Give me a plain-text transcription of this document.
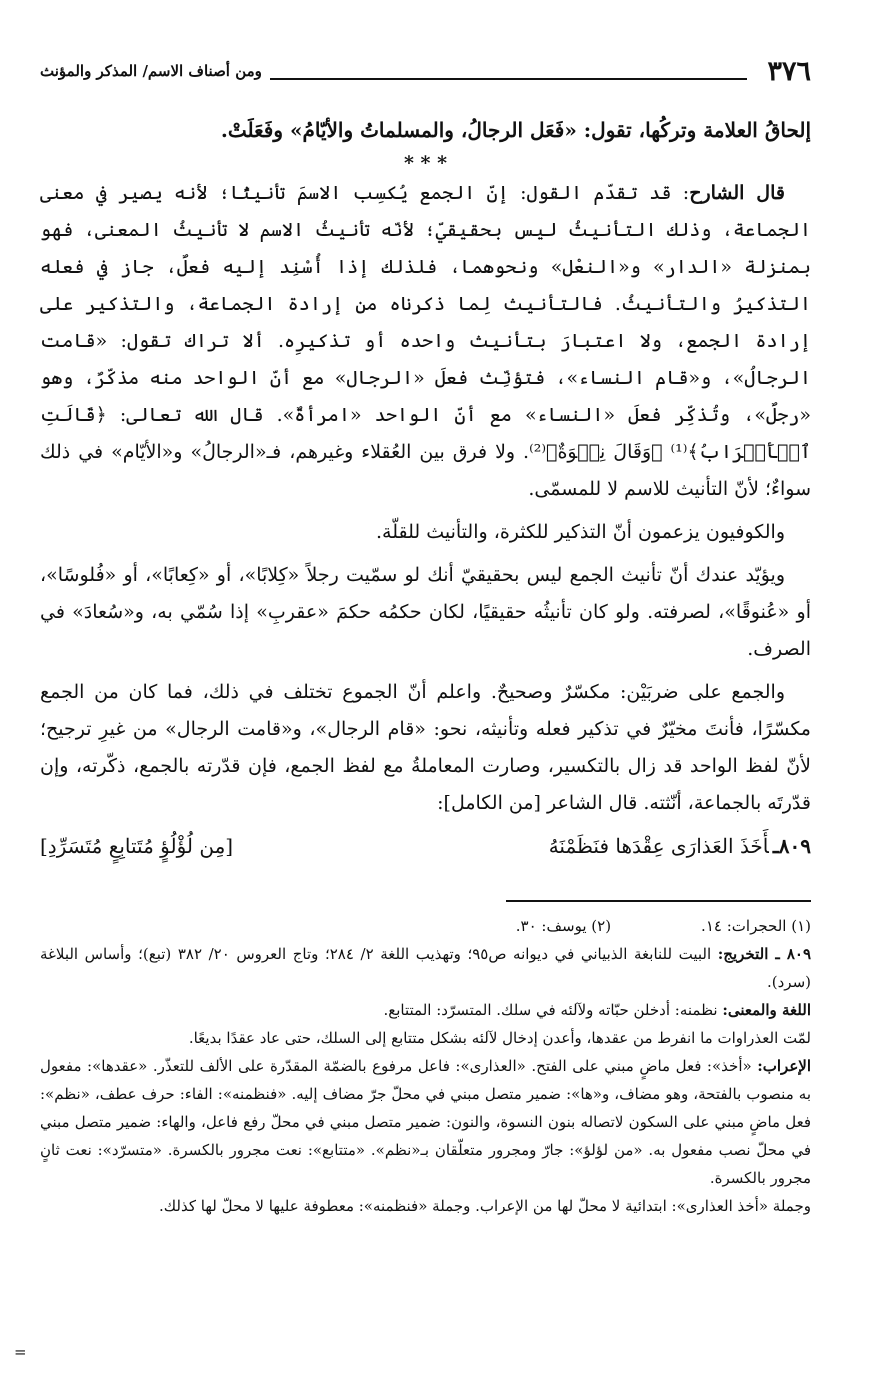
٣٧٦
ومن أصناف الاسم/ المذكر والمؤنث

إلحاقُ العلامة وتركُها، تقول: «فَعَل الرجالُ، والمسلماتُ والأيّامُ» وفَعَلَتْ.

* * *

قال الشارح: قد تقدّم القول: إنّ الجمع يُكسِب الاسمَ تأنيثًا؛ لأنه يصير في معنى الجماعة، وذلك التأنيثُ ليس بحقيقيّ؛ لأنّه تأنيثُ الاسم لا تأنيثُ المعنى، فهو بمنزلة «الدار» و«النعْل» ونحوهما، فلذلك إذا أُسْنِد إليه فعلٌ، جاز في فعله التذكيرُ والتأنيثُ. فالتأنيث لِما ذكرناه من إرادة الجماعة، والتذكير على إرادة الجمع، ولا اعتبارَ بتأنيث واحده أو تذكيرِه. ألا تراك تقول: «قامت الرجالُ»، و«قام النساء»، فتؤنِّث فعلَ «الرجال» مع أنّ الواحد منه مذكّرٌ، وهو «رجلٌ»، وتُذكِّر فعلَ «النساء» مع أنّ الواحد «امرأةٌ». قال الله تعالى: ﴿قَالَتِ ٱلۡأَعۡرَابُ﴾⁽¹⁾ ﴿وَقَالَ نِسۡوَةٌ﴾⁽²⁾. ولا فرق بين العُقلاء وغيرهم، فـ«الرجالُ» و«الأيّام» في ذلك سواءٌ؛ لأنّ التأنيث للاسم لا للمسمّى.

والكوفيون يزعمون أنّ التذكير للكثرة، والتأنيث للقلّة.

ويؤيّد عندك أنّ تأنيث الجمع ليس بحقيقيّ أنك لو سمّيت رجلاً «كِلابًا»، أو «كِعابًا»، أو «فُلوسًا»، أو «عُنوقًا»، لصرفته. ولو كان تأنيثُه حقيقيًا، لكان حكمُه حكمَ «عقربِ» إذا سُمّي به، و«سُعادَ» في الصرف.

والجمع على ضربَيْن: مكسّرٌ وصحيحٌ. واعلم أنّ الجموع تختلف في ذلك، فما كان من الجمع مكسّرًا، فأنتَ مخيّرٌ في تذكير فعله وتأنيثه، نحو: «قام الرجال»، و«قامت الرجال» من غيرِ ترجيح؛ لأنّ لفظ الواحد قد زال بالتكسير، وصارت المعاملةُ مع لفظ الجمع، فإن قدّرته بالجمع، ذكّرته، وإن قدّرتَه بالجماعة، أنّثته. قال الشاعر [من الكامل]:

٨٠٩ـأَخَذَ العَذارَى عِقْدَها فنَظَمْنَهُ
[مِن لُؤْلُؤٍ مُتَتابِعٍ مُتَسَرِّدِ]
(١) الحجرات: ١٤.
(٢) يوسف: ٣٠.

٨٠٩ ـ التخريج: البيت للنابغة الذبياني في ديوانه ص٩٥؛ وتهذيب اللغة ٢/ ٢٨٤؛ وتاج العروس ٢٠/ ٣٨٢ (تبع)؛ وأساس البلاغة (سرد).

اللغة والمعنى: نظمنه: أدخلن حبّاته ولآلئه في سلك. المتسرّد: المتتابع.

لمّت العذراوات ما انفرط من عقدها، وأعدن إدخال لآلئه بشكل متتابع إلى السلك، حتى عاد عقدًا بديعًا.

الإعراب: «أخذ»: فعل ماضٍ مبني على الفتح. «العذارى»: فاعل مرفوع بالضمّة المقدّرة على الألف للتعذّر. «عقدها»: مفعول به منصوب بالفتحة، وهو مضاف، و«ها»: ضمير متصل مبني في محلّ جرّ مضاف إليه. «فنظمنه»: الفاء: حرف عطف، «نظم»: فعل ماضٍ مبني على السكون لاتصاله بنون النسوة، والنون: ضمير متصل مبني في محلّ رفع فاعل، والهاء: ضمير متصل مبني في محلّ نصب مفعول به. «من لؤلؤ»: جارّ ومجرور متعلّقان بـ«نظم». «متتابع»: نعت مجرور بالكسرة. «متسرّد»: نعت ثانٍ مجرور بالكسرة.

وجملة «أخذ العذارى»: ابتدائية لا محلّ لها من الإعراب. وجملة «فنظمنه»: معطوفة عليها لا محلّ لها كذلك.

=
